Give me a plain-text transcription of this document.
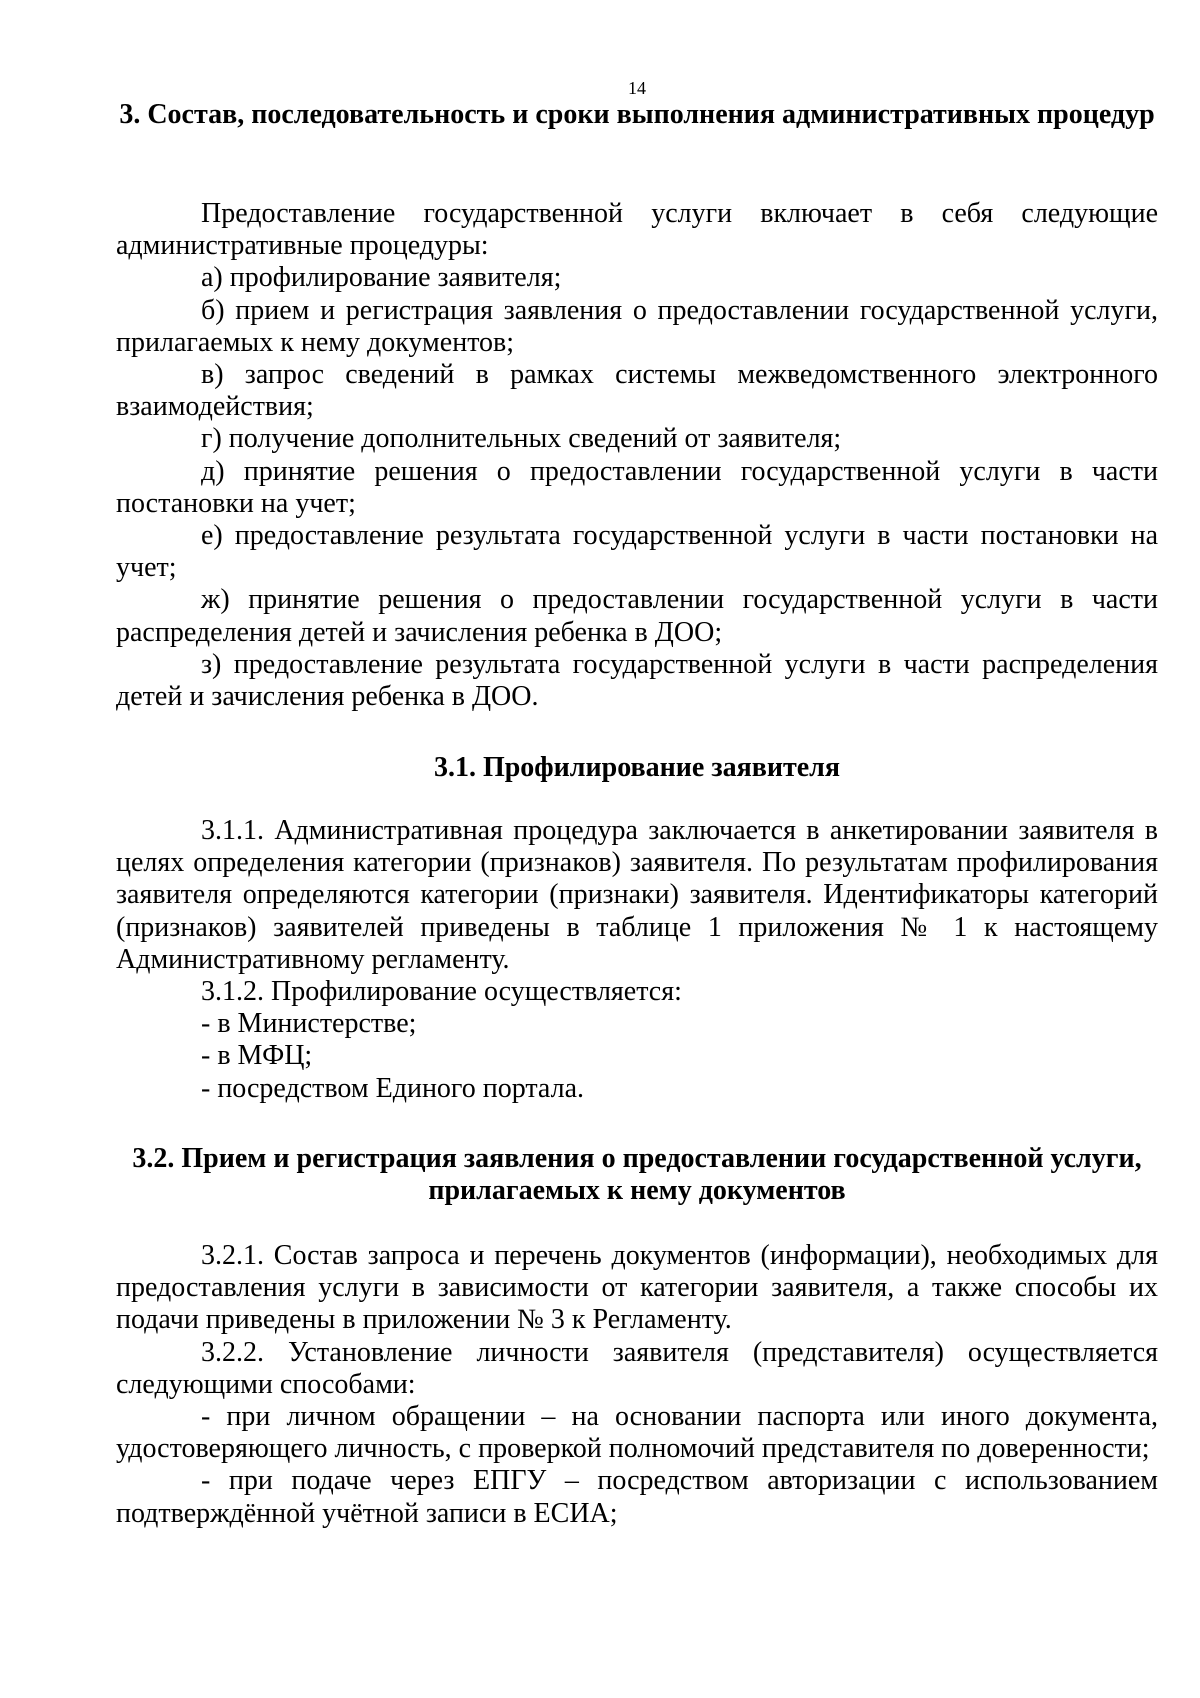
14
3. Состав, последовательность и сроки выполнения административных процедур

Предоставление государственной услуги включает в себя следующие административные процедуры:

а) профилирование заявителя;

б) прием и регистрация заявления о предоставлении государственной услуги, прилагаемых к нему документов;

в) запрос сведений в рамках системы межведомственного электронного взаимодействия;

г) получение дополнительных сведений от заявителя;

д) принятие решения о предоставлении государственной услуги в части постановки на учет;

е) предоставление результата государственной услуги в части постановки на учет;

ж) принятие решения о предоставлении государственной услуги в части распределения детей и зачисления ребенка в ДОО;

з) предоставление результата государственной услуги в части распределения детей и зачисления ребенка в ДОО.

3.1. Профилирование заявителя

3.1.1. Административная процедура заключается в анкетировании заявителя в целях определения категории (признаков) заявителя. По результатам профилирования заявителя определяются категории (признаки) заявителя. Идентификаторы категорий (признаков) заявителей приведены в таблице 1 приложения № 1 к настоящему Административному регламенту.

3.1.2. Профилирование осуществляется:

- в Министерстве;

- в МФЦ;

- посредством Единого портала.

3.2. Прием и регистрация заявления о предоставлении государственной услуги, прилагаемых к нему документов

3.2.1. Состав запроса и перечень документов (информации), необходимых для предоставления услуги в зависимости от категории заявителя, а также способы их подачи приведены в приложении № 3 к Регламенту.

3.2.2. Установление личности заявителя (представителя) осуществляется следующими способами:

- при личном обращении – на основании паспорта или иного документа, удостоверяющего личность, с проверкой полномочий представителя по доверенности;

- при подаче через ЕПГУ – посредством авторизации с использованием подтверждённой учётной записи в ЕСИА;
